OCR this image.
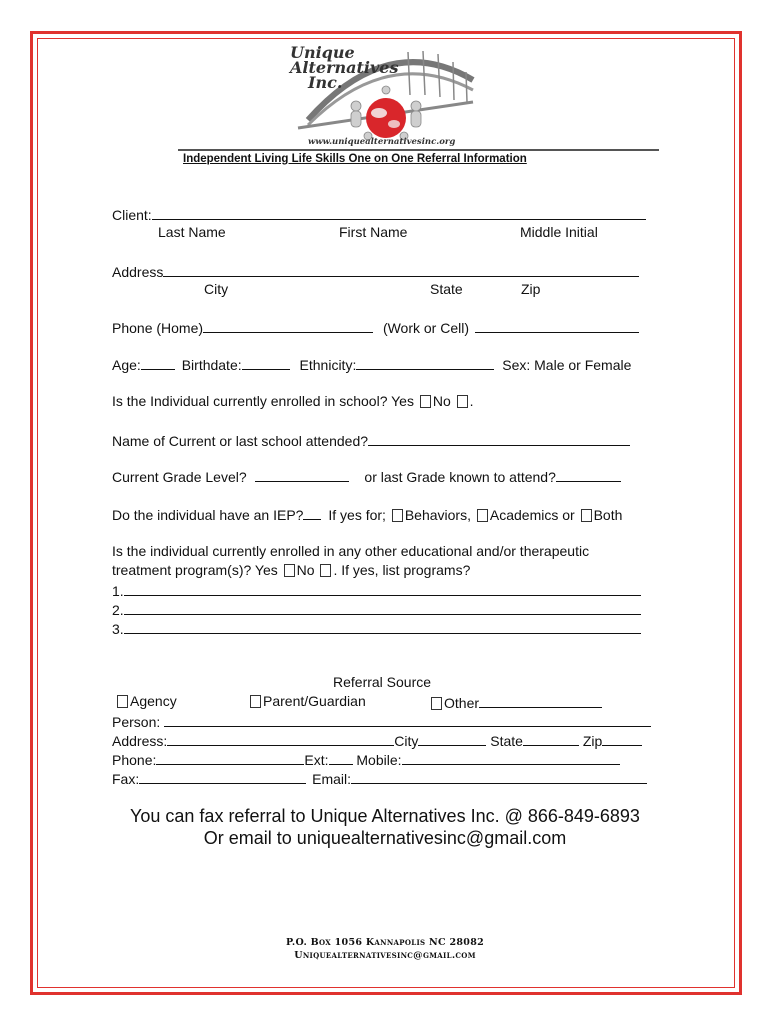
Unique
Alternatives
Inc.
www.uniquealternativesinc.org
Independent Living Life Skills One on One Referral Information
Client:
Last Name	First Name	Middle Initial
Address
City	State	Zip
Phone (Home)	(Work or Cell)
Age:	Birthdate:	Ethnicity:	Sex: Male or Female
Is the Individual currently enrolled in school? Yes No .
Name of Current or last school attended?
Current Grade Level?	or last Grade known to attend?
Do the individual have an IEP? If yes for; Behaviors, Academics or Both
Is the individual currently enrolled in any other educational and/or therapeutic
treatment program(s)? Yes No . If yes, list programs?
1.
2.
3.
Referral Source
Agency	Parent/Guardian	Other
Person:
Address:	City	State	Zip
Phone:	Ext: Mobile:
Fax:	Email:
You can fax referral to Unique Alternatives Inc. @ 866-849-6893
Or email to uniquealternativesinc@gmail.com
P.O. Box 1056 Kannapolis NC 28082
Uniquealternativesinc@gmail.com
